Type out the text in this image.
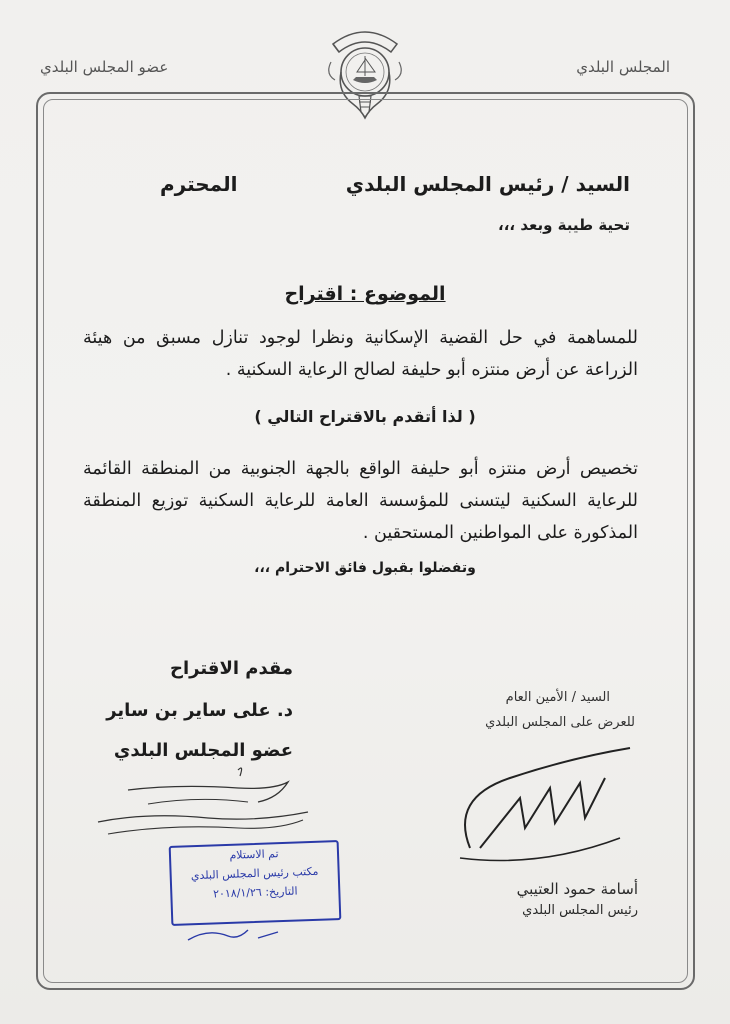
المجلس البلدي
عضو المجلس البلدي
السيد / رئيس المجلس البلدي
المحترم
تحية طيبة وبعد ،،،
الموضوع : اقتراح
للمساهمة في حل القضية الإسكانية ونظرا لوجود تنازل مسبق من هيئة الزراعة عن أرض منتزه أبو حليفة لصالح الرعاية السكنية .
( لذا أتقدم بالاقتراح التالي )
تخصيص أرض منتزه أبو حليفة الواقع بالجهة الجنوبية من المنطقة القائمة للرعاية السكنية ليتسنى للمؤسسة العامة للرعاية السكنية توزيع المنطقة المذكورة على المواطنين المستحقين .
وتفضلوا بقبول فائق الاحترام ،،،
مقدم الاقتراح
د. على ساير بن ساير
عضو المجلس البلدي
السيد / الأمين العام
للعرض على المجلس البلدي
أسامة حمود العتيبي
رئيس المجلس البلدي
تم الاستلام
مكتب رئيس المجلس البلدي
التاريخ: ٢٠١٨/١/٢٦
